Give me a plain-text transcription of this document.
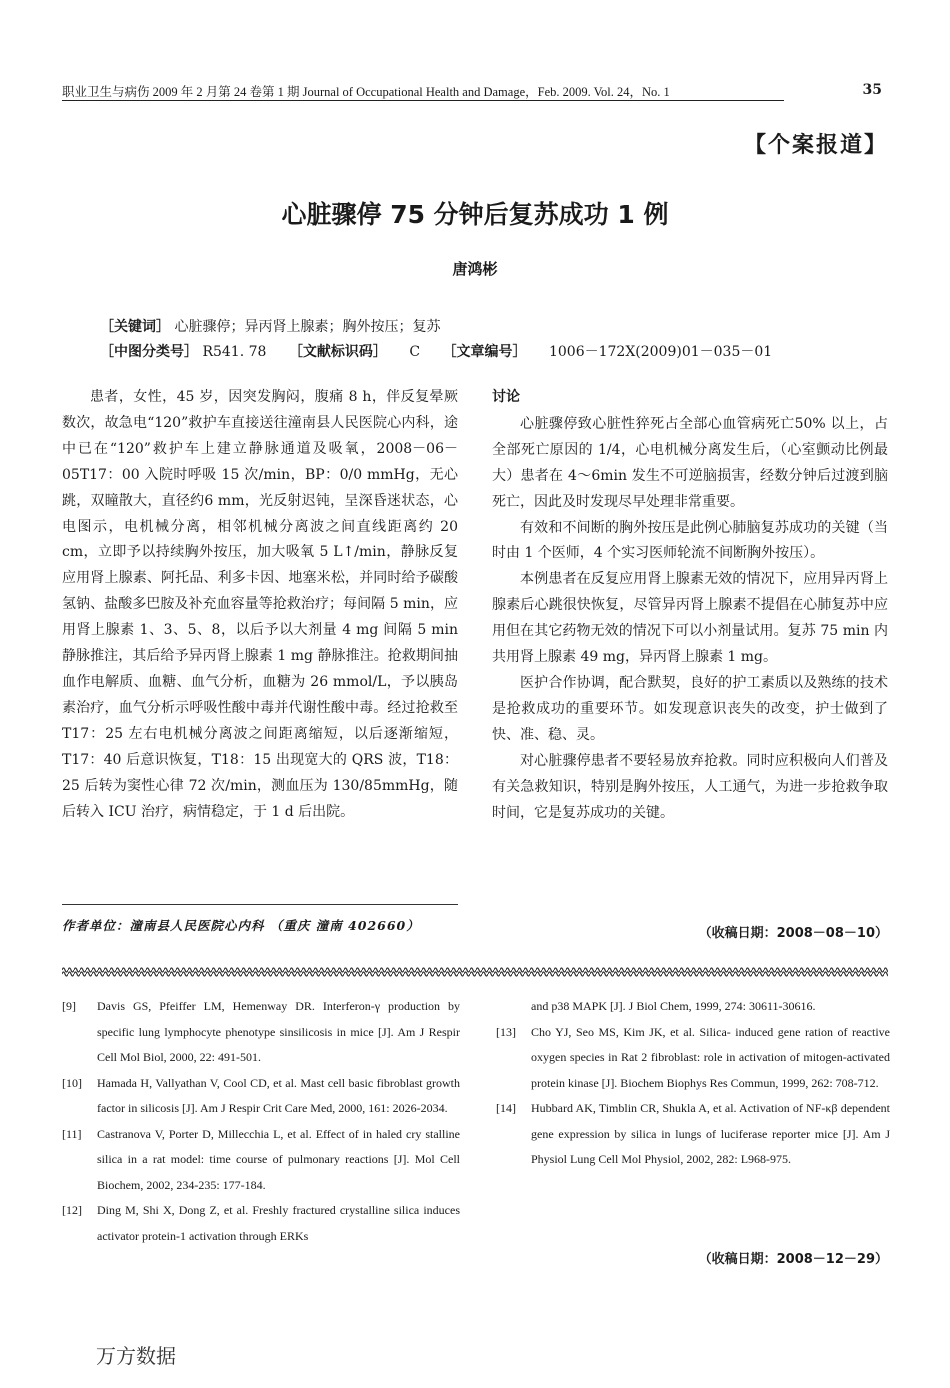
职业卫生与病伤 2009 年 2 月第 24 卷第 1 期 Journal of Occupational Health and Damage，Feb. 2009. Vol. 24，No. 1	35
【个案报道】
心脏骤停 75 分钟后复苏成功 1 例
唐鸿彬
［关键词］ 心脏骤停；异丙肾上腺素；胸外按压；复苏
［中图分类号］ R541. 78 ［文献标识码］ C ［文章编号］ 1006－172X(2009)01－035－01

患者，女性，45 岁，因突发胸闷，腹痛 8 h，伴反复晕厥数次，故急电“120”救护车直接送往潼南县人民医院心内科，途中已在“120”救护车上建立静脉通道及吸氧，2008－06－05T17：00 入院时呼吸 15 次/min，BP：0/0 mmHg，无心跳，双瞳散大，直径约6 mm，光反射迟钝，呈深昏迷状态，心电图示，电机械分离，相邻机械分离波之间直线距离约 20 cm，立即予以持续胸外按压，加大吸氧 5 L↑/min，静脉反复应用肾上腺素、阿托品、利多卡因、地塞米松，并同时给予碳酸氢钠、盐酸多巴胺及补充血容量等抢救治疗；每间隔 5 min，应用肾上腺素 1、3、5、8，以后予以大剂量 4 mg 间隔 5 min 静脉推注，其后给予异丙肾上腺素 1 mg 静脉推注。抢救期间抽血作电解质、血糖、血气分析，血糖为 26 mmol/L，予以胰岛素治疗，血气分析示呼吸性酸中毒并代谢性酸中毒。经过抢救至 T17：25 左右电机械分离波之间距离缩短，以后逐渐缩短，T17：40 后意识恢复，T18：15 出现宽大的 QRS 波，T18：25 后转为窦性心律 72 次/min，测血压为 130/85mmHg，随后转入 ICU 治疗，病情稳定，于 1 d 后出院。

讨论

心脏骤停致心脏性猝死占全部心血管病死亡50% 以上，占全部死亡原因的 1/4，心电机械分离发生后，（心室颤动比例最大）患者在 4～6min 发生不可逆脑损害，经数分钟后过渡到脑死亡，因此及时发现尽早处理非常重要。

有效和不间断的胸外按压是此例心肺脑复苏成功的关键（当时由 1 个医师，4 个实习医师轮流不间断胸外按压）。

本例患者在反复应用肾上腺素无效的情况下，应用异丙肾上腺素后心跳很快恢复，尽管异丙肾上腺素不提倡在心肺复苏中应用但在其它药物无效的情况下可以小剂量试用。复苏 75 min 内共用肾上腺素 49 mg，异丙肾上腺素 1 mg。

医护合作协调，配合默契，良好的护工素质以及熟练的技术是抢救成功的重要环节。如发现意识丧失的改变，护士做到了快、准、稳、灵。

对心脏骤停患者不要轻易放弃抢救。同时应积极向人们普及有关急救知识，特别是胸外按压，人工通气，为进一步抢救争取时间，它是复苏成功的关键。

作者单位：潼南县人民医院心内科 （重庆 潼南 402660）
（收稿日期：2008－08－10）
[9] Davis GS, Pfeiffer LM, Hemenway DR. Interferon-γ production by specific lung lymphocyte phenotype sinsilicosis in mice [J]. Am J Respir Cell Mol Biol, 2000, 22: 491-501.
[10] Hamada H, Vallyathan V, Cool CD, et al. Mast cell basic fibroblast growth factor in silicosis [J]. Am J Respir Crit Care Med, 2000, 161: 2026-2034.
[11] Castranova V, Porter D, Millecchia L, et al. Effect of in haled cry stalline silica in a rat model: time course of pulmonary reactions [J]. Mol Cell Biochem, 2002, 234-235: 177-184.
[12] Ding M, Shi X, Dong Z, et al. Freshly fractured crystalline silica induces activator protein-1 activation through ERKs
and p38 MAPK [J]. J Biol Chem, 1999, 274: 30611-30616.
[13] Cho YJ, Seo MS, Kim JK, et al. Silica- induced gene ration of reactive oxygen species in Rat 2 fibroblast: role in activation of mitogen-activated protein kinase [J]. Biochem Biophys Res Commun, 1999, 262: 708-712.
[14] Hubbard AK, Timblin CR, Shukla A, et al. Activation of NF-κβ dependent gene expression by silica in lungs of luciferase reporter mice [J]. Am J Physiol Lung Cell Mol Physiol, 2002, 282: L968-975.
（收稿日期：2008－12－29）
万方数据
